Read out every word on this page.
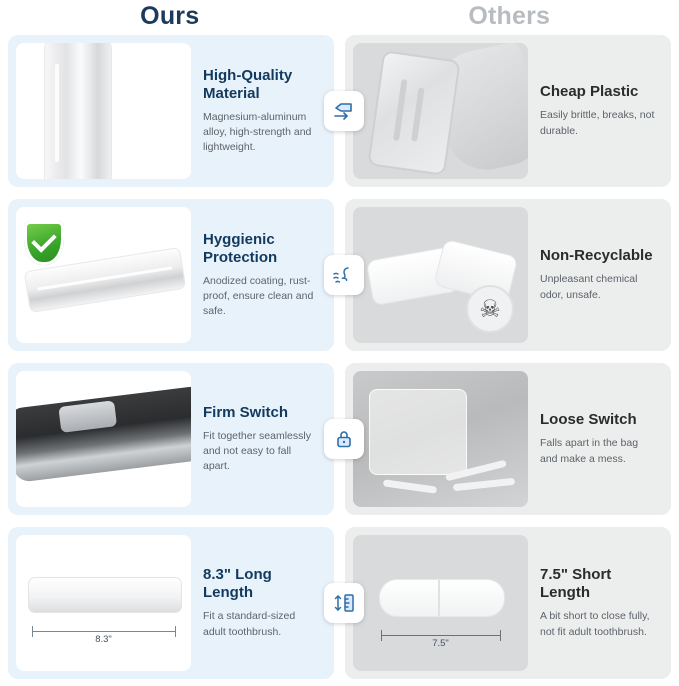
Ours	Others
High-Quality Material
Magnesium-aluminum alloy, high-strength and lightweight.
Cheap Plastic
Easily brittle, breaks, not durable.
Hyggienic Protection
Anodized coating, rust-proof, ensure clean and safe.	☠
Non-Recyclable
Unpleasant chemical odor, unsafe.
Firm Switch
Fit together seamlessly and not easy to fall apart.
Loose Switch
Falls apart in the bag and make a mess.
8.3"
8.3" Long Length
Fit a standard-sized adult toothbrush.
7.5"
7.5" Short Length
A bit short to close fully, not fit adult toothbrush.
